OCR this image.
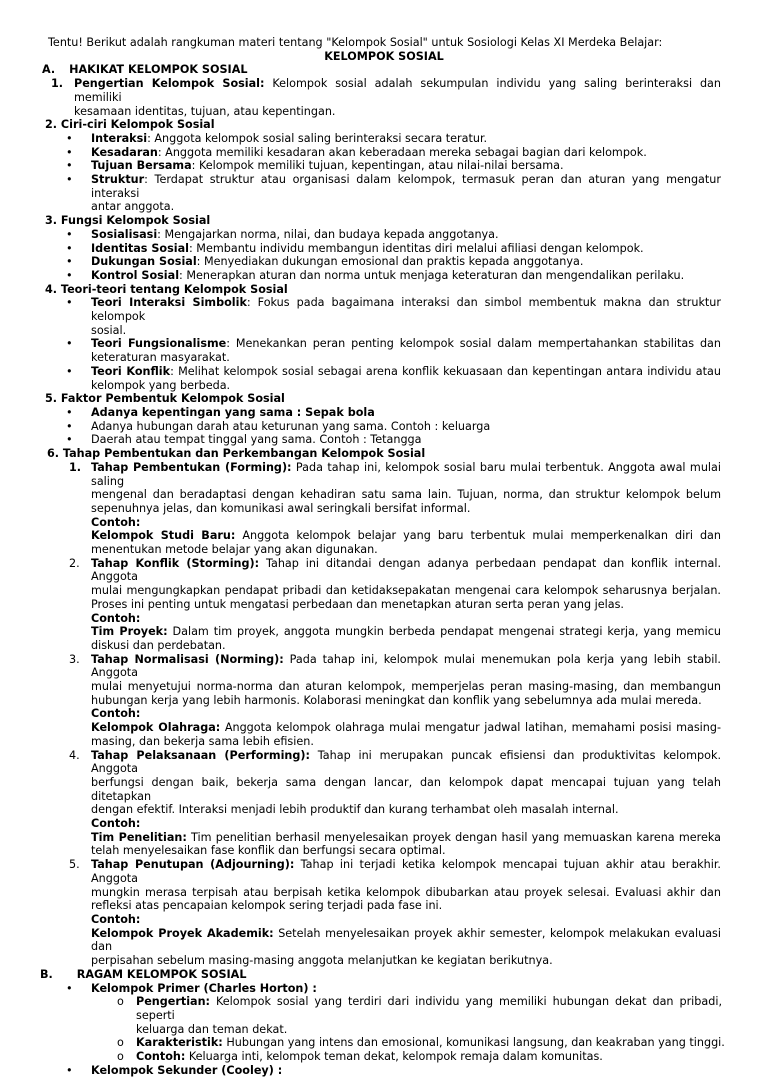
Tentu! Berikut adalah rangkuman materi tentang "Kelompok Sosial" untuk Sosiologi Kelas XI Merdeka Belajar:
KELOMPOK SOSIAL
A. HAKIKAT KELOMPOK SOSIAL
1. Pengertian Kelompok Sosial: Kelompok sosial adalah sekumpulan individu yang saling berinteraksi dan memiliki
kesamaan identitas, tujuan, atau kepentingan.
2. Ciri-ciri Kelompok Sosial
• Interaksi: Anggota kelompok sosial saling berinteraksi secara teratur.
• Kesadaran: Anggota memiliki kesadaran akan keberadaan mereka sebagai bagian dari kelompok.
• Tujuan Bersama: Kelompok memiliki tujuan, kepentingan, atau nilai-nilai bersama.
• Struktur: Terdapat struktur atau organisasi dalam kelompok, termasuk peran dan aturan yang mengatur interaksi
antar anggota.
3. Fungsi Kelompok Sosial
• Sosialisasi: Mengajarkan norma, nilai, dan budaya kepada anggotanya.
• Identitas Sosial: Membantu individu membangun identitas diri melalui afiliasi dengan kelompok.
• Dukungan Sosial: Menyediakan dukungan emosional dan praktis kepada anggotanya.
• Kontrol Sosial: Menerapkan aturan dan norma untuk menjaga keteraturan dan mengendalikan perilaku.
4. Teori-teori tentang Kelompok Sosial
• Teori Interaksi Simbolik: Fokus pada bagaimana interaksi dan simbol membentuk makna dan struktur kelompok
sosial.
• Teori Fungsionalisme: Menekankan peran penting kelompok sosial dalam mempertahankan stabilitas dan
keteraturan masyarakat.
• Teori Konflik: Melihat kelompok sosial sebagai arena konflik kekuasaan dan kepentingan antara individu atau
kelompok yang berbeda.
5. Faktor Pembentuk Kelompok Sosial
• Adanya kepentingan yang sama : Sepak bola
• Adanya hubungan darah atau keturunan yang sama. Contoh : keluarga
• Daerah atau tempat tinggal yang sama. Contoh : Tetangga
6. Tahap Pembentukan dan Perkembangan Kelompok Sosial
1. Tahap Pembentukan (Forming): Pada tahap ini, kelompok sosial baru mulai terbentuk. Anggota awal mulai saling
mengenal dan beradaptasi dengan kehadiran satu sama lain. Tujuan, norma, dan struktur kelompok belum
sepenuhnya jelas, dan komunikasi awal seringkali bersifat informal.
Contoh:
Kelompok Studi Baru: Anggota kelompok belajar yang baru terbentuk mulai memperkenalkan diri dan
menentukan metode belajar yang akan digunakan.
2. Tahap Konflik (Storming): Tahap ini ditandai dengan adanya perbedaan pendapat dan konflik internal. Anggota
mulai mengungkapkan pendapat pribadi dan ketidaksepakatan mengenai cara kelompok seharusnya berjalan.
Proses ini penting untuk mengatasi perbedaan dan menetapkan aturan serta peran yang jelas.
Contoh:
Tim Proyek: Dalam tim proyek, anggota mungkin berbeda pendapat mengenai strategi kerja, yang memicu
diskusi dan perdebatan.
3. Tahap Normalisasi (Norming): Pada tahap ini, kelompok mulai menemukan pola kerja yang lebih stabil. Anggota
mulai menyetujui norma-norma dan aturan kelompok, memperjelas peran masing-masing, dan membangun
hubungan kerja yang lebih harmonis. Kolaborasi meningkat dan konflik yang sebelumnya ada mulai mereda.
Contoh:
Kelompok Olahraga: Anggota kelompok olahraga mulai mengatur jadwal latihan, memahami posisi masing-
masing, dan bekerja sama lebih efisien.
4. Tahap Pelaksanaan (Performing): Tahap ini merupakan puncak efisiensi dan produktivitas kelompok. Anggota
berfungsi dengan baik, bekerja sama dengan lancar, dan kelompok dapat mencapai tujuan yang telah ditetapkan
dengan efektif. Interaksi menjadi lebih produktif dan kurang terhambat oleh masalah internal.
Contoh:
Tim Penelitian: Tim penelitian berhasil menyelesaikan proyek dengan hasil yang memuaskan karena mereka
telah menyelesaikan fase konflik dan berfungsi secara optimal.
5. Tahap Penutupan (Adjourning): Tahap ini terjadi ketika kelompok mencapai tujuan akhir atau berakhir. Anggota
mungkin merasa terpisah atau berpisah ketika kelompok dibubarkan atau proyek selesai. Evaluasi akhir dan
refleksi atas pencapaian kelompok sering terjadi pada fase ini.
Contoh:
Kelompok Proyek Akademik: Setelah menyelesaikan proyek akhir semester, kelompok melakukan evaluasi dan
perpisahan sebelum masing-masing anggota melanjutkan ke kegiatan berikutnya.
B. RAGAM KELOMPOK SOSIAL
• Kelompok Primer (Charles Horton) :
o Pengertian: Kelompok sosial yang terdiri dari individu yang memiliki hubungan dekat dan pribadi, seperti
keluarga dan teman dekat.
o Karakteristik: Hubungan yang intens dan emosional, komunikasi langsung, dan keakraban yang tinggi.
o Contoh: Keluarga inti, kelompok teman dekat, kelompok remaja dalam komunitas.
• Kelompok Sekunder (Cooley) :
